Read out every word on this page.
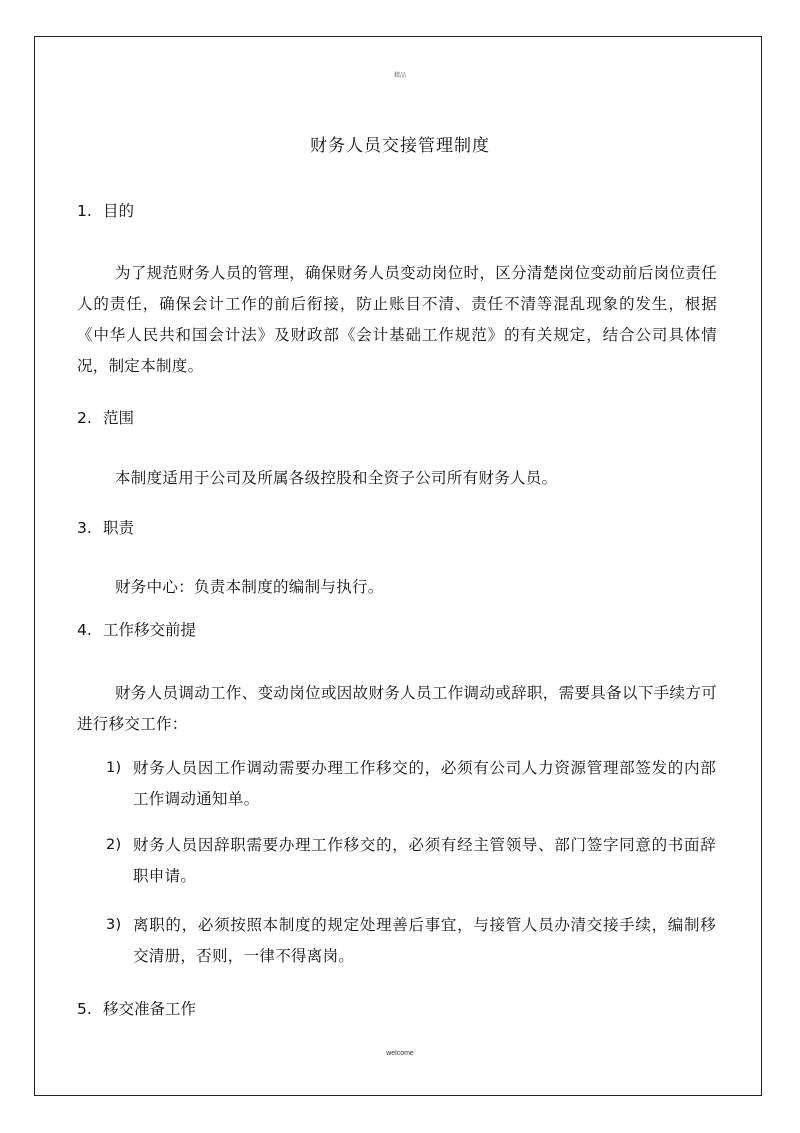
精品
财务人员交接管理制度
1. 目的
为了规范财务人员的管理，确保财务人员变动岗位时，区分清楚岗位变动前后岗位责任人的责任，确保会计工作的前后衔接，防止账目不清、责任不清等混乱现象的发生，根据《中华人民共和国会计法》及财政部《会计基础工作规范》的有关规定，结合公司具体情况，制定本制度。
2. 范围
本制度适用于公司及所属各级控股和全资子公司所有财务人员。
3. 职责
财务中心：负责本制度的编制与执行。
4. 工作移交前提
财务人员调动工作、变动岗位或因故财务人员工作调动或辞职，需要具备以下手续方可进行移交工作：
1) 财务人员因工作调动需要办理工作移交的，必须有公司人力资源管理部签发的内部工作调动通知单。
2) 财务人员因辞职需要办理工作移交的，必须有经主管领导、部门签字同意的书面辞职申请。
3) 离职的，必须按照本制度的规定处理善后事宜，与接管人员办清交接手续，编制移交清册，否则，一律不得离岗。
5. 移交准备工作
welcome
